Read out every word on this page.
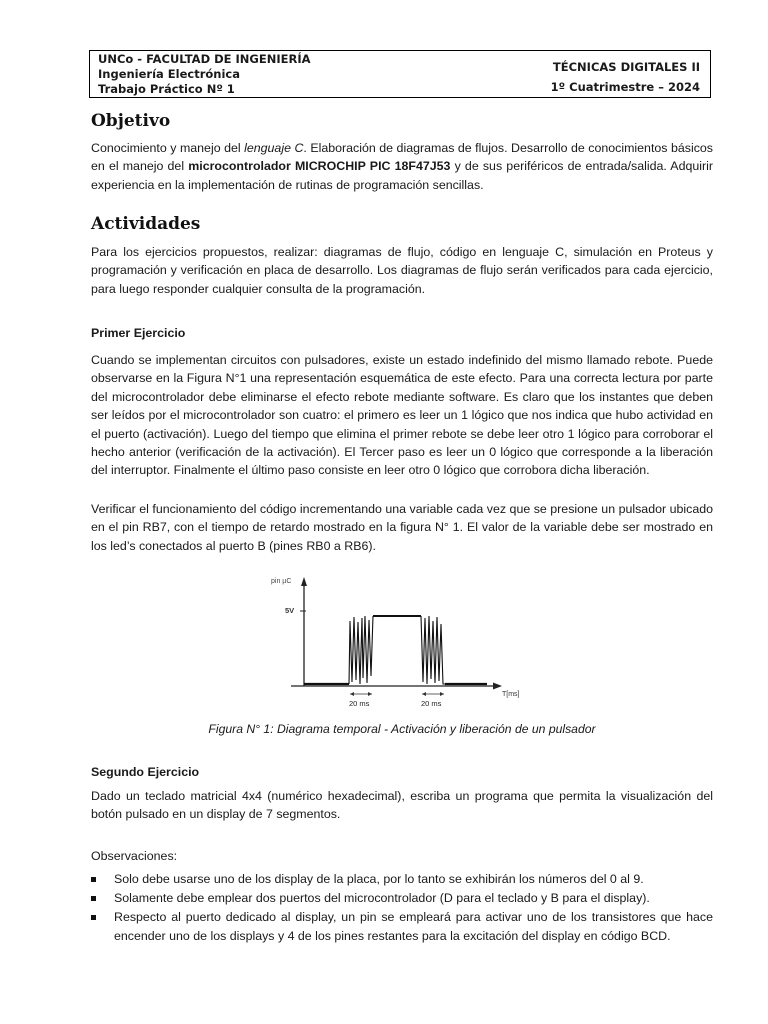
UNCo - FACULTAD DE INGENIERÍA
Ingeniería Electrónica
Trabajo Práctico Nº 1
TÉCNICAS DIGITALES II
1º Cuatrimestre – 2024
Objetivo

Conocimiento y manejo del lenguaje C. Elaboración de diagramas de flujos. Desarrollo de conocimientos básicos en el manejo del microcontrolador MICROCHIP PIC 18F47J53 y de sus periféricos de entrada/salida. Adquirir experiencia en la implementación de rutinas de programación sencillas.

Actividades

Para los ejercicios propuestos, realizar: diagramas de flujo, código en lenguaje C, simulación en Proteus y programación y verificación en placa de desarrollo. Los diagramas de flujo serán verificados para cada ejercicio, para luego responder cualquier consulta de la programación.

Primer Ejercicio

Cuando se implementan circuitos con pulsadores, existe un estado indefinido del mismo llamado rebote. Puede observarse en la Figura N°1 una representación esquemática de este efecto. Para una correcta lectura por parte del microcontrolador debe eliminarse el efecto rebote mediante software. Es claro que los instantes que deben ser leídos por el microcontrolador son cuatro: el primero es leer un 1 lógico que nos indica que hubo actividad en el puerto (activación). Luego del tiempo que elimina el primer rebote se debe leer otro 1 lógico para corroborar el hecho anterior (verificación de la activación). El Tercer paso es leer un 0 lógico que corresponde a la liberación del interruptor. Finalmente el último paso consiste en leer otro 0 lógico que corrobora dicha liberación.

Verificar el funcionamiento del código incrementando una variable cada vez que se presione un pulsador ubicado en el pin RB7, con el tiempo de retardo mostrado en la figura N° 1. El valor de la variable debe ser mostrado en los led’s conectados al puerto B (pines RB0 a RB6).

pin µC
5V
T[ms]
20 ms	20 ms
Figura N° 1: Diagrama temporal - Activación y liberación de un pulsador

Segundo Ejercicio

Dado un teclado matricial 4x4 (numérico hexadecimal), escriba un programa que permita la visualización del botón pulsado en un display de 7 segmentos.

Observaciones:

Solo debe usarse uno de los display de la placa, por lo tanto se exhibirán los números del 0 al 9.
Solamente debe emplear dos puertos del microcontrolador (D para el teclado y B para el display).
Respecto al puerto dedicado al display, un pin se empleará para activar uno de los transistores que hace encender uno de los displays y 4 de los pines restantes para la excitación del display en código BCD.
